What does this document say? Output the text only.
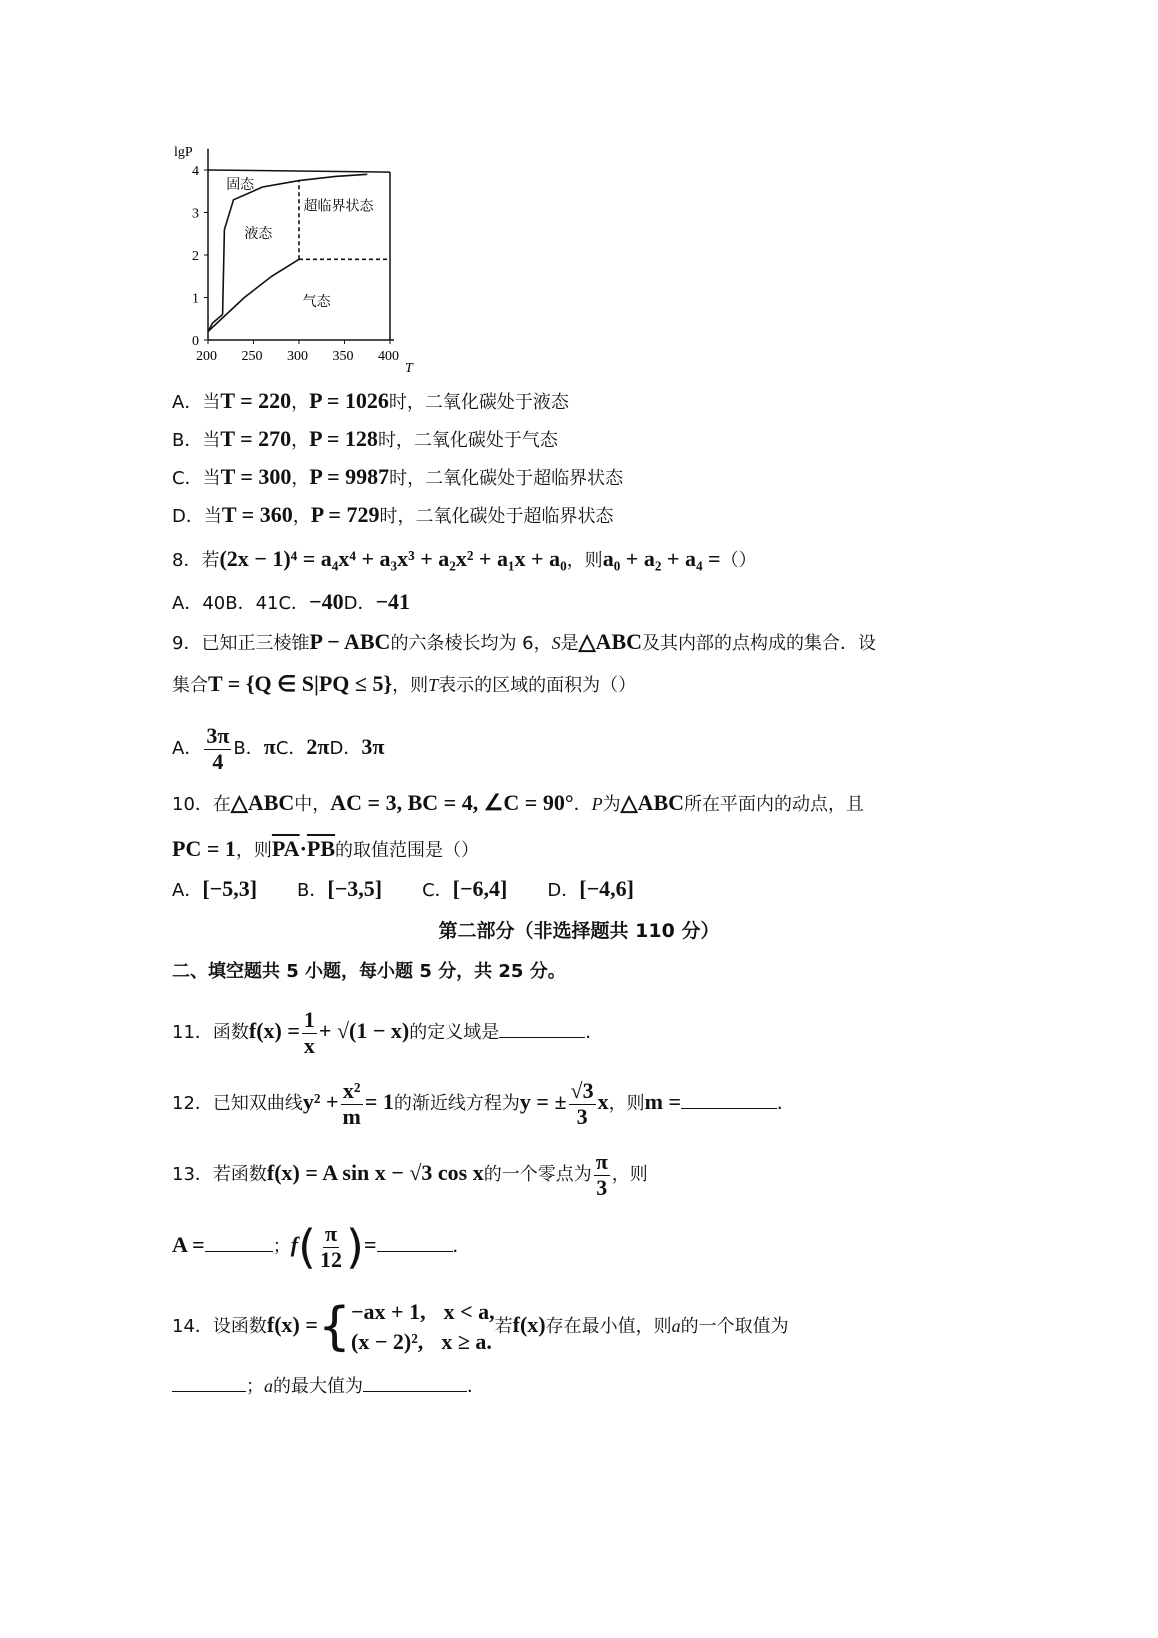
lgP
T
0
1
2
3
4
200 250 300 350 400
固态
液态
超临界状态
气态
A．当T = 220，P = 1026时，二氧化碳处于液态
B．当T = 270，P = 128时，二氧化碳处于气态
C．当T = 300，P = 9987时，二氧化碳处于超临界状态
D．当T = 360，P = 729时，二氧化碳处于超临界状态
8．若(2x − 1)⁴ = a₄x⁴ + a₃x³ + a₂x² + a₁x + a₀，则a₀ + a₂ + a₄ =（）
A．40B．41C．−40D．−41
9．已知正三棱锥P − ABC的六条棱长均为 6，S是△ABC及其内部的点构成的集合．设
集合T = {Q ∈ S|PQ ≤ 5}，则T表示的区域的面积为（）
A． $\frac{3\pi}{4}$ B．πC．2πD．3π
10．在△ABC中，AC = 3, BC = 4, ∠C = 90°．P为△ABC所在平面内的动点，且
PC = 1，则$\overline{PA}\cdot\overline{PB}$的取值范围是（）
A．[−5,3] B．[−3,5] C．[−6,4] D．[−4,6]
第二部分（非选择题共 110 分）
二、填空题共 5 小题，每小题 5 分，共 25 分。
11．函数$f(x) = \frac{1}{x} + √(1 - x)$的定义域是	．
12．已知双曲线$y^2 + \frac{\text{x²}}{m} = 1$的渐近线方程为y = ± $\frac{√3}{3}$ x，则m =	．
13．若函数f(x) = A sin x − √3 cos x的一个零点为 $\frac{\pi}{3}$ ，则
A =	；$f( \frac{\pi}{12}$ )=	．
14．设函数f(x) ={ −ax + 1, x < a,
(x − 2)², x ≥ a.
若f(x)存在最小值，则a的一个取值为
；a的最大值为	．
